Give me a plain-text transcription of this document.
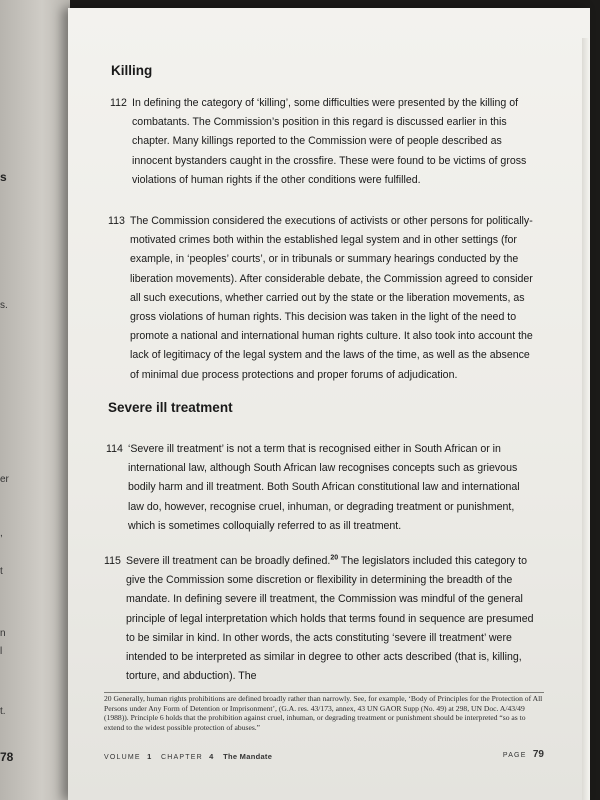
s
s.
er
,
t
n
l
t.
78
Killing
112 In defining the category of ‘killing’, some difficulties were presented by the killing of combatants. The Commission’s position in this regard is discussed earlier in this chapter. Many killings reported to the Commission were of people described as innocent bystanders caught in the crossfire. These were found to be victims of gross violations of human rights if the other conditions were fulfilled.
113 The Commission considered the executions of activists or other persons for politically-motivated crimes both within the established legal system and in other settings (for example, in ‘peoples’ courts’, or in tribunals or summary hearings conducted by the liberation movements). After considerable debate, the Commission agreed to consider all such executions, whether carried out by the state or the liberation movements, as gross violations of human rights. This decision was taken in the light of the need to promote a national and international human rights culture. It also took into account the lack of legitimacy of the legal system and the laws of the time, as well as the absence of minimal due process protections and proper forums of adjudication.
Severe ill treatment
114 ‘Severe ill treatment’ is not a term that is recognised either in South African or in international law, although South African law recognises concepts such as grievous bodily harm and ill treatment. Both South African constitutional law and international law do, however, recognise cruel, inhuman, or degrading treatment or punishment, which is sometimes colloquially referred to as ill treatment.
115 Severe ill treatment can be broadly defined.$^{20}$ The legislators included this category to give the Commission some discretion or flexibility in determining the breadth of the mandate. In defining severe ill treatment, the Commission was mindful of the general principle of legal interpretation which holds that terms found in sequence are presumed to be similar in kind. In other words, the acts constituting ‘severe ill treatment’ were intended to be interpreted as similar in degree to other acts described (that is, killing, torture, and abduction). The
20 Generally, human rights prohibitions are defined broadly rather than narrowly. See, for example, ‘Body of Principles for the Protection of All Persons under Any Form of Detention or Imprisonment’, (G.A. res. 43/173, annex, 43 UN GAOR Supp (No. 49) at 298, UN Doc. A/43/49 (1988)). Principle 6 holds that the prohibition against cruel, inhuman, or degrading treatment or punishment should be interpreted “so as to extend to the widest possible protection of abuses.”
VOLUME 1 CHAPTER 4 The Mandate	PAGE 79
